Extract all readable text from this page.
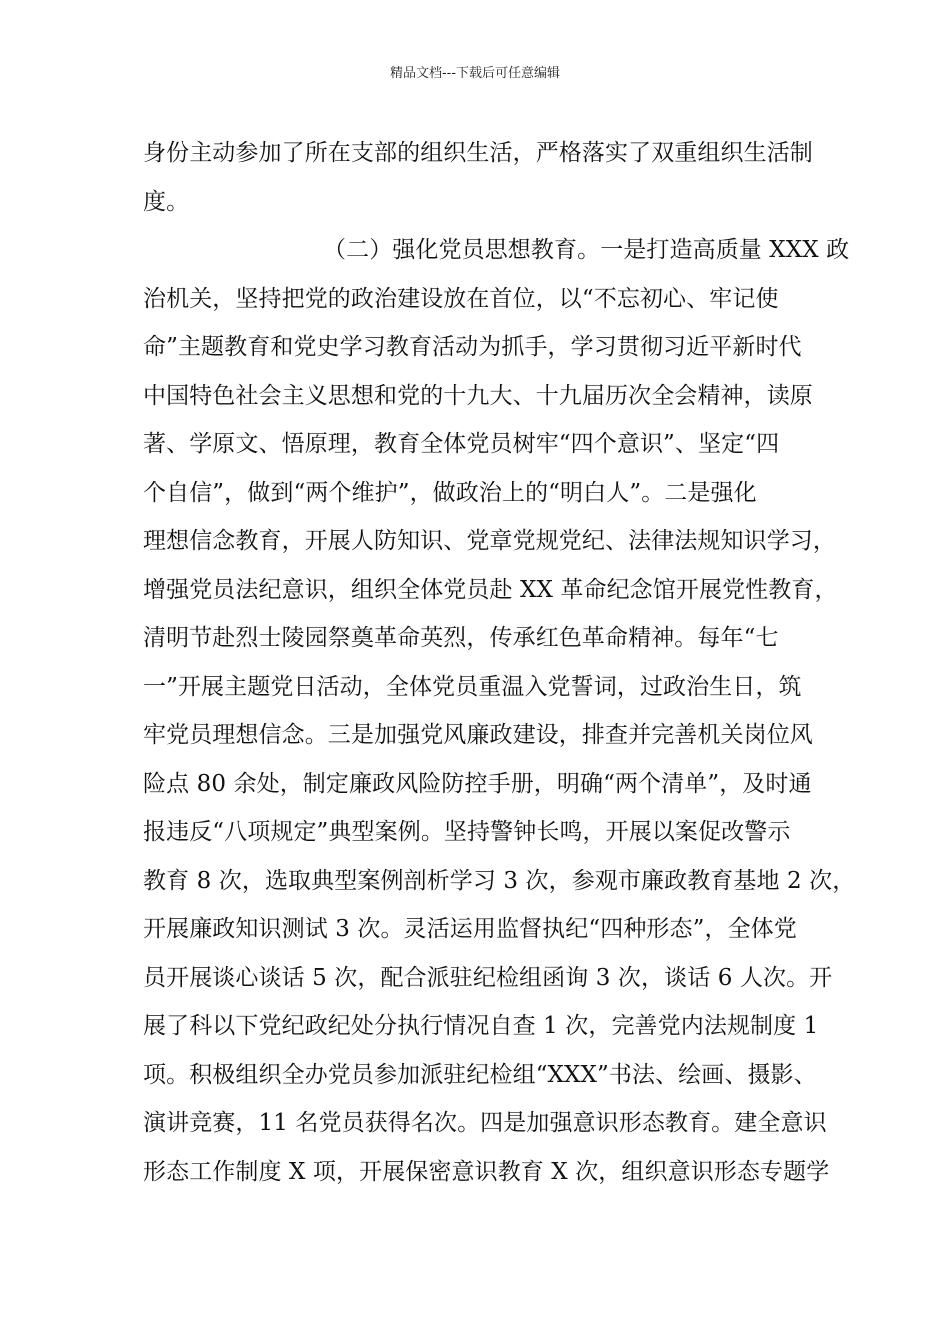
精品文档---下载后可任意编辑
身份主动参加了所在支部的组织生活，严格落实了双重组织生活制
度。
（二）强化党员思想教育。一是打造高质量 XXX 政
治机关，坚持把党的政治建设放在首位，以“不忘初心、牢记使
命”主题教育和党史学习教育活动为抓手，学习贯彻习近平新时代
中国特色社会主义思想和党的十九大、十九届历次全会精神，读原
著、学原文、悟原理，教育全体党员树牢“四个意识”、坚定“四
个自信”，做到“两个维护”，做政治上的“明白人”。二是强化
理想信念教育，开展人防知识、党章党规党纪、法律法规知识学习，
增强党员法纪意识，组织全体党员赴 XX 革命纪念馆开展党性教育，
清明节赴烈士陵园祭奠革命英烈，传承红色革命精神。每年“七
一”开展主题党日活动，全体党员重温入党誓词，过政治生日，筑
牢党员理想信念。三是加强党风廉政建设，排查并完善机关岗位风
险点 80 余处，制定廉政风险防控手册，明确“两个清单”，及时通
报违反“八项规定”典型案例。坚持警钟长鸣，开展以案促改警示
教育 8 次，选取典型案例剖析学习 3 次，参观市廉政教育基地 2 次，
开展廉政知识测试 3 次。灵活运用监督执纪“四种形态”，全体党
员开展谈心谈话 5 次，配合派驻纪检组函询 3 次，谈话 6 人次。开
展了科以下党纪政纪处分执行情况自查 1 次，完善党内法规制度 1
项。积极组织全办党员参加派驻纪检组“XXX”书法、绘画、摄影、
演讲竞赛，11 名党员获得名次。四是加强意识形态教育。建全意识
形态工作制度 X 项，开展保密意识教育 X 次，组织意识形态专题学
